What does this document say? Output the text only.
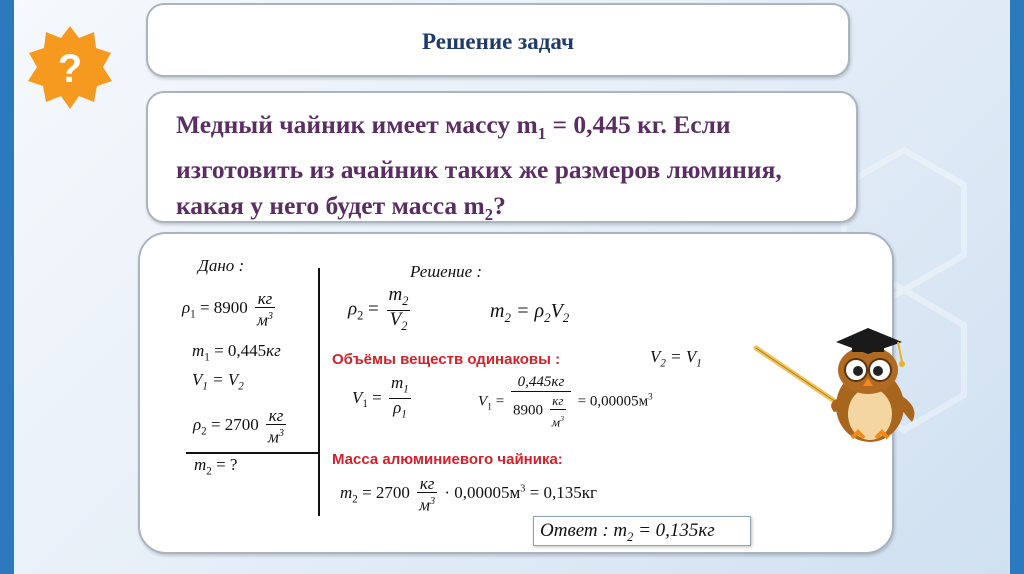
?
Решение задач
Медный чайник имеет массу $m_1 = 0,445$ кг. Если
изготовить из ачайник таких же размеров люминия,
какая у него будет масса $m_2$?
Дано :
$\rho_1 = 8900 \frac{кг}{м^3}$
$m_1 = 0,445кг$
$V_1 = V_2$
$\rho_2 = 2700 \frac{кг}{м^3}$
$m_2$ = ?
Решение :
$\rho_2 = \frac{m_2}{V_2}$	$m_2 = \rho_2V_2$
Объёмы веществ одинаковы :	$V_2 = V_1$
$V_1 = \frac{m_1}{\rho_1}$	$V_1 = \frac{0,445кг}{8900 \frac{кг}{м^3}} = 0,00005м^3$
Масса алюминиевого чайника:
$m_2 = 2700 \frac{кг}{м^3} \cdot 0,00005м^3 = 0,135кг$
Ответ : $m_2 = 0,135кг$
